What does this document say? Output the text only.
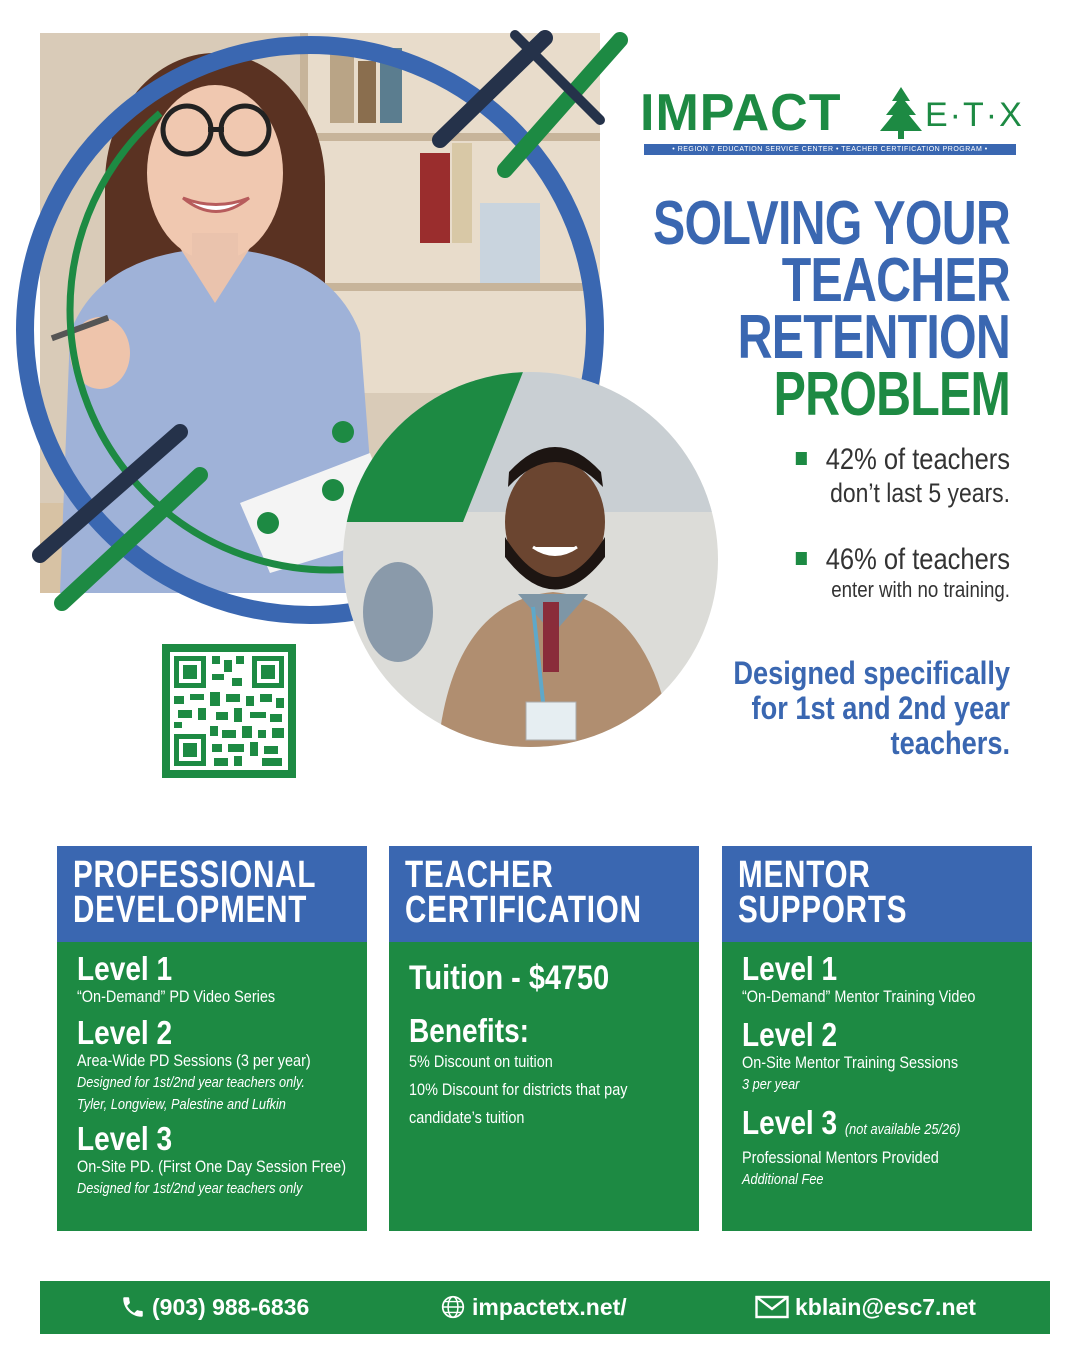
IMPACT E·T·X
• REGION 7 EDUCATION SERVICE CENTER • TEACHER CERTIFICATION PROGRAM •
SOLVING YOUR
TEACHER RETENTION
PROBLEM
42% of teachers
don’t last 5 years.
46% of teachers
enter with no training.
Designed specifically
for 1st and 2nd year
teachers.
PROFESSIONAL
DEVELOPMENT
Level 1
“On-Demand” PD Video Series
Level 2
Area-Wide PD Sessions (3 per year)
Designed for 1st/2nd year teachers only.
Tyler, Longview, Palestine and Lufkin
Level 3
On-Site PD. (First One Day Session Free)
Designed for 1st/2nd year teachers only
TEACHER
CERTIFICATION
Tuition - $4750
Benefits:
5% Discount on tuition
10% Discount for districts that pay
candidate’s tuition
MENTOR
SUPPORTS
Level 1
“On-Demand” Mentor Training Video
Level 2
On-Site Mentor Training Sessions
3 per year
Level 3 (not available 25/26)
Professional Mentors Provided
Additional Fee
(903) 988-6836	impactetx.net/	kblain@esc7.net
